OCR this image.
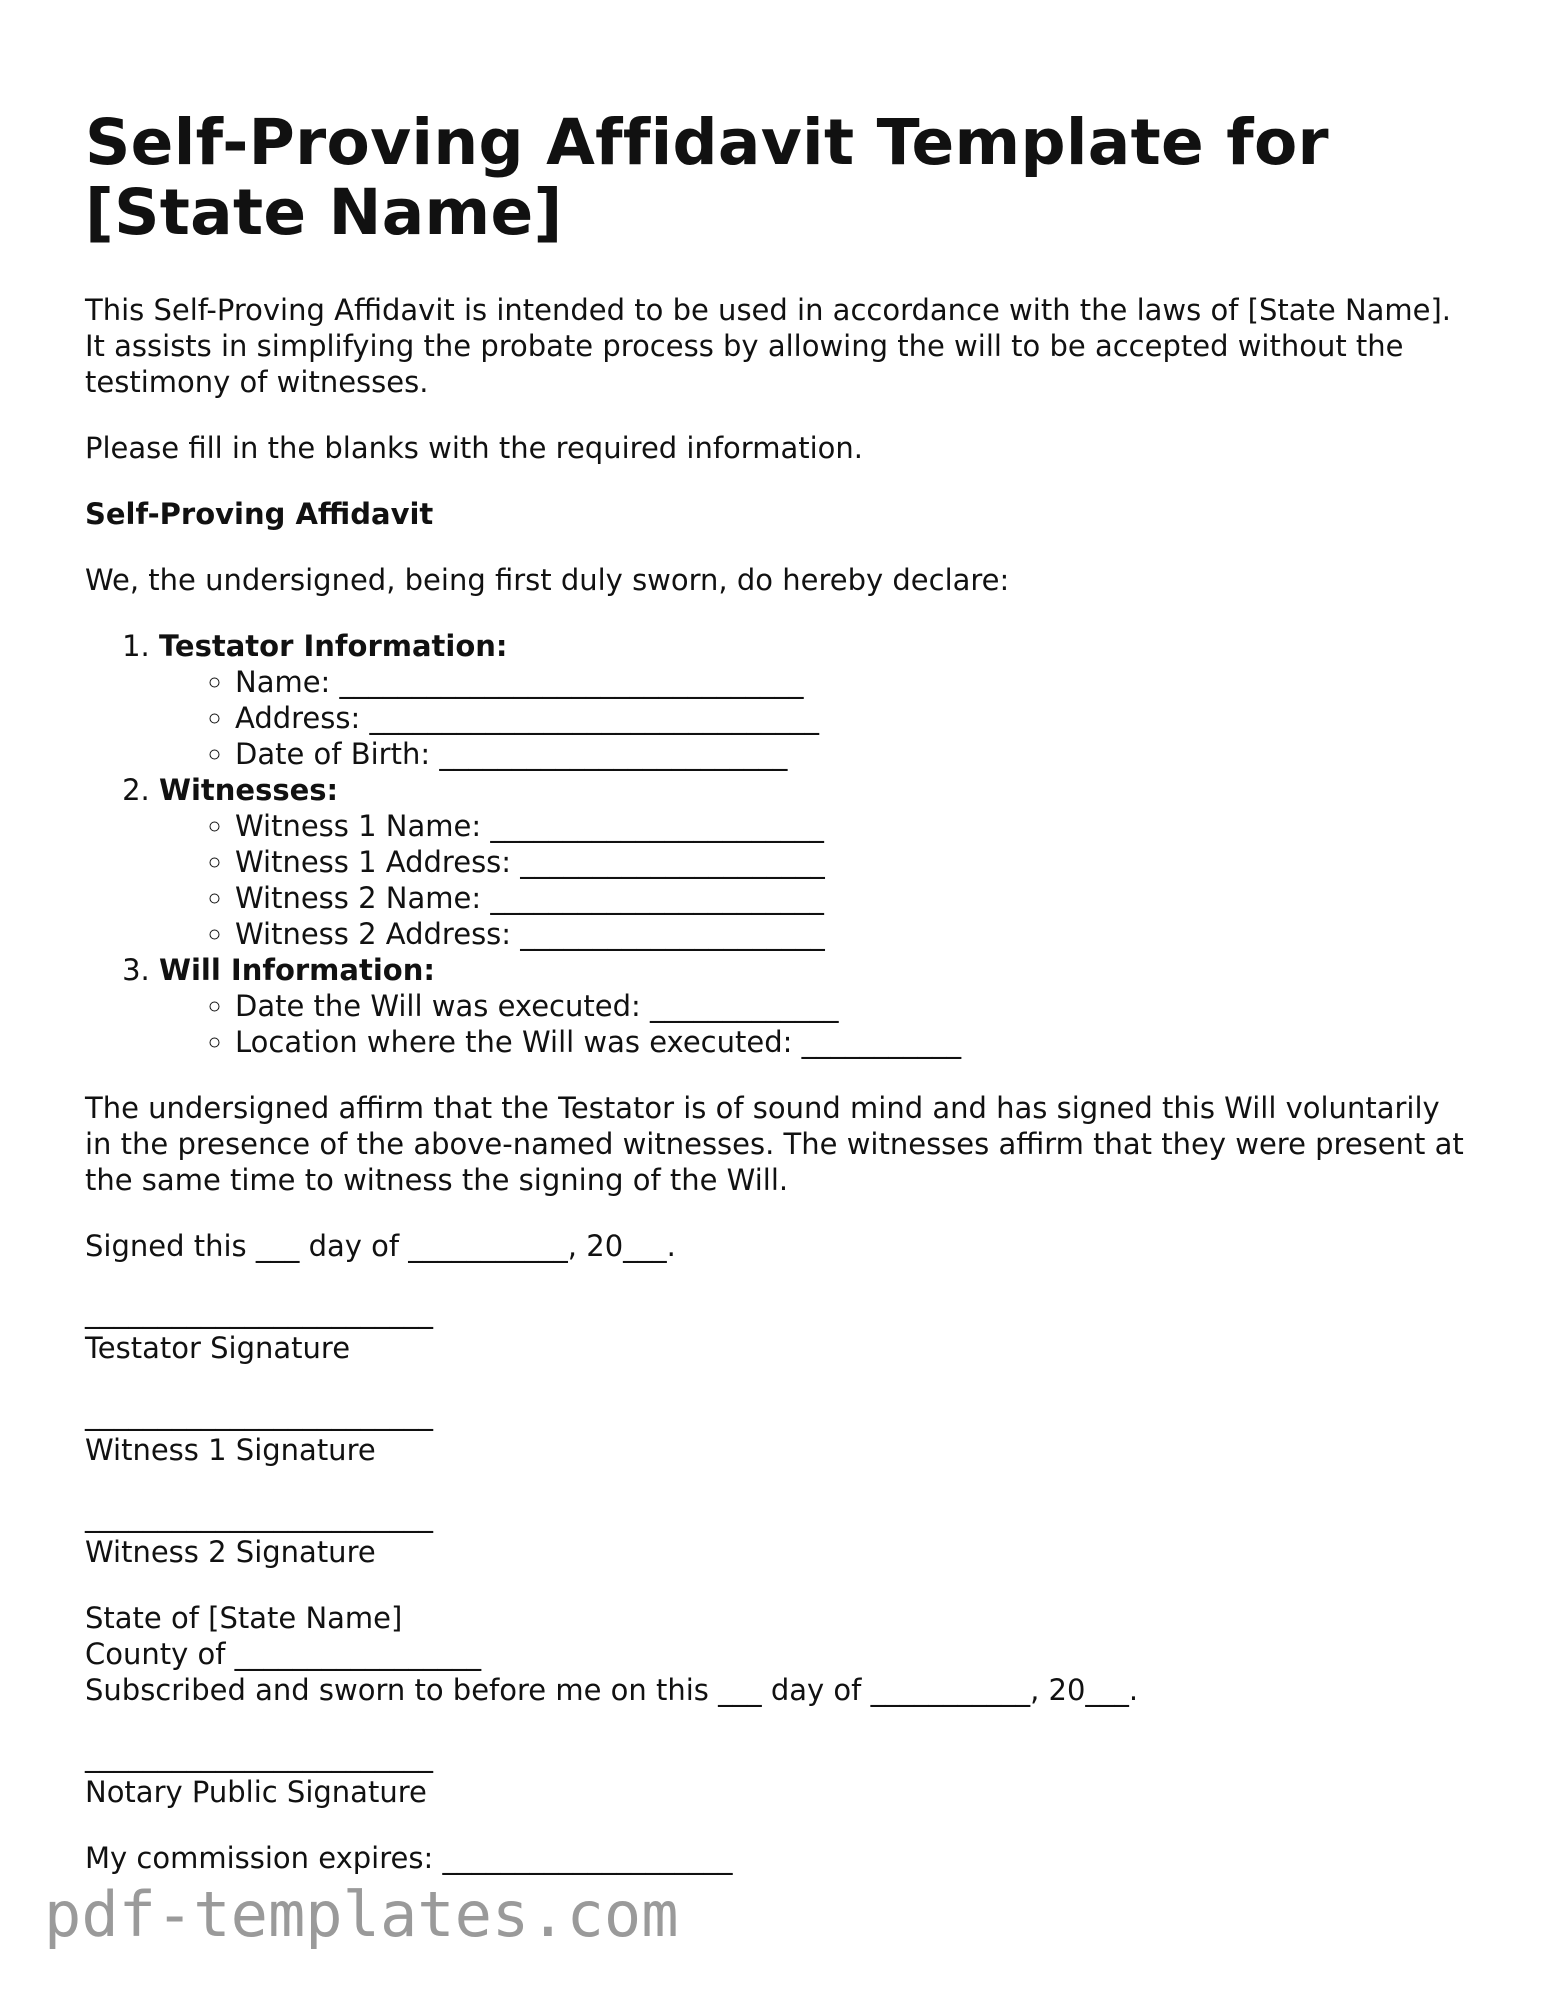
Self-Proving Affidavit Template for [State Name]

This Self-Proving Affidavit is intended to be used in accordance with the laws of [State Name]. It assists in simplifying the probate process by allowing the will to be accepted without the testimony of witnesses.

Please fill in the blanks with the required information.

Self-Proving Affidavit

We, the undersigned, being first duly sworn, do hereby declare:

1. Testator Information:
◦ Name: ________________________________
◦ Address: _______________________________
◦ Date of Birth: ________________________
2. Witnesses:
◦ Witness 1 Name: _______________________
◦ Witness 1 Address: _____________________
◦ Witness 2 Name: _______________________
◦ Witness 2 Address: _____________________
3. Will Information:
◦ Date the Will was executed: _____________
◦ Location where the Will was executed: ___________

The undersigned affirm that the Testator is of sound mind and has signed this Will voluntarily in the presence of the above-named witnesses. The witnesses affirm that they were present at the same time to witness the signing of the Will.

Signed this ___ day of ___________, 20___.

________________________
Testator Signature
________________________
Witness 1 Signature
________________________
Witness 2 Signature
State of [State Name]
County of _________________
Subscribed and sworn to before me on this ___ day of ___________, 20___.
________________________
Notary Public Signature

My commission expires: ____________________

pdf-templates.com
